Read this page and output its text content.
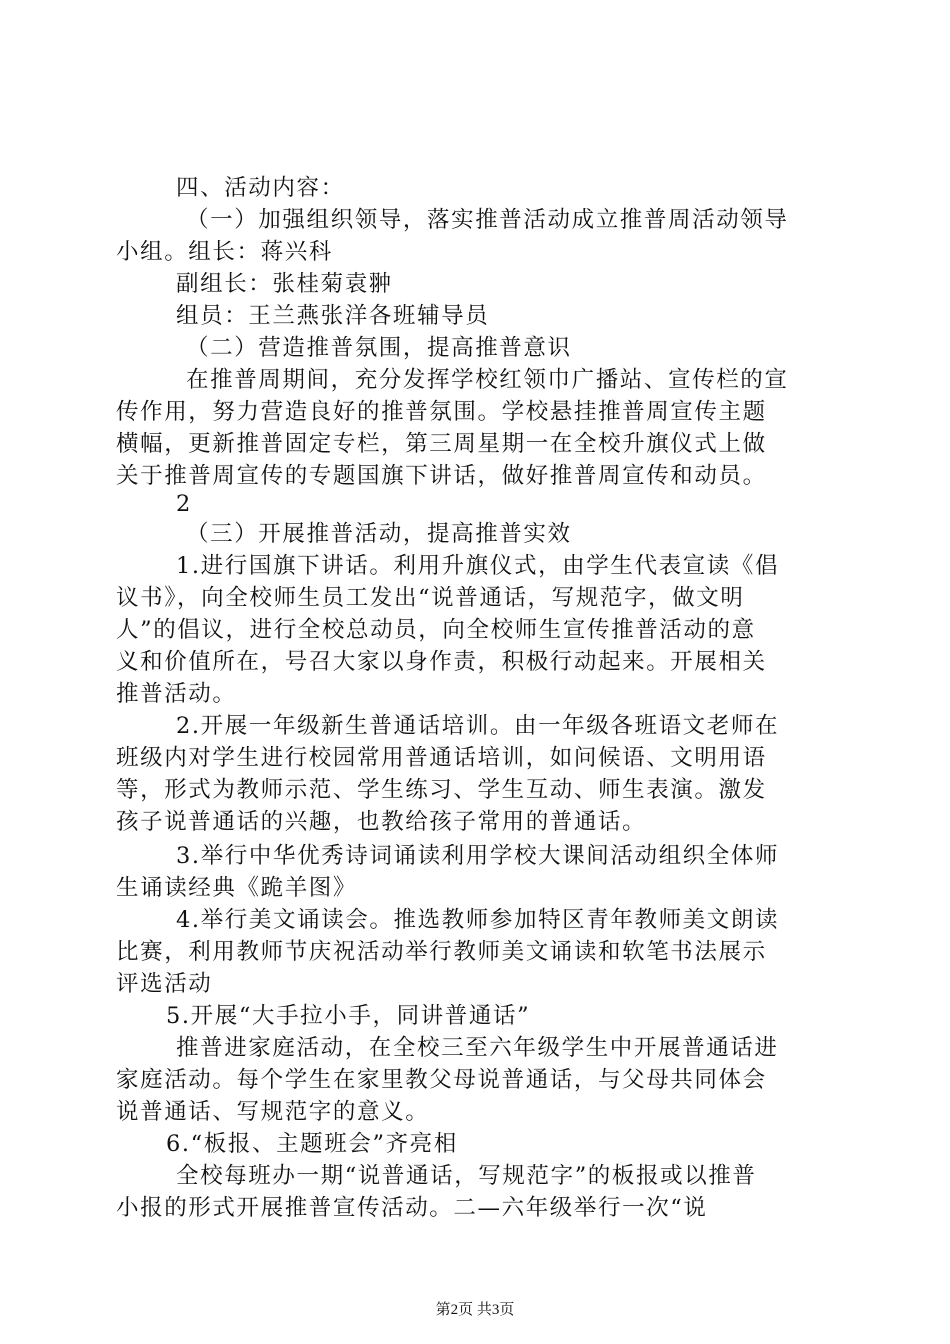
四、活动内容：
（一）加强组织领导，落实推普活动成立推普周活动领导
小组。组长：蒋兴科
副组长：张桂菊袁翀
组员：王兰燕张洋各班辅导员
（二）营造推普氛围，提高推普意识
在推普周期间，充分发挥学校红领巾广播站、宣传栏的宣
传作用，努力营造良好的推普氛围。学校悬挂推普周宣传主题
横幅，更新推普固定专栏，第三周星期一在全校升旗仪式上做
关于推普周宣传的专题国旗下讲话，做好推普周宣传和动员。
2
（三）开展推普活动，提高推普实效
1.进行国旗下讲话。利用升旗仪式，由学生代表宣读《倡
议书》，向全校师生员工发出“说普通话，写规范字，做文明
人”的倡议，进行全校总动员，向全校师生宣传推普活动的意
义和价值所在，号召大家以身作责，积极行动起来。开展相关
推普活动。
2.开展一年级新生普通话培训。由一年级各班语文老师在
班级内对学生进行校园常用普通话培训，如问候语、文明用语
等，形式为教师示范、学生练习、学生互动、师生表演。激发
孩子说普通话的兴趣，也教给孩子常用的普通话。
3.举行中华优秀诗词诵读利用学校大课间活动组织全体师
生诵读经典《跪羊图》
4.举行美文诵读会。推选教师参加特区青年教师美文朗读
比赛，利用教师节庆祝活动举行教师美文诵读和软笔书法展示
评选活动
5.开展“大手拉小手，同讲普通话”
推普进家庭活动，在全校三至六年级学生中开展普通话进
家庭活动。每个学生在家里教父母说普通话，与父母共同体会
说普通话、写规范字的意义。
6.“板报、主题班会”齐亮相
全校每班办一期“说普通话，写规范字”的板报或以推普
小报的形式开展推普宣传活动。二—六年级举行一次“说
第2页 共3页
